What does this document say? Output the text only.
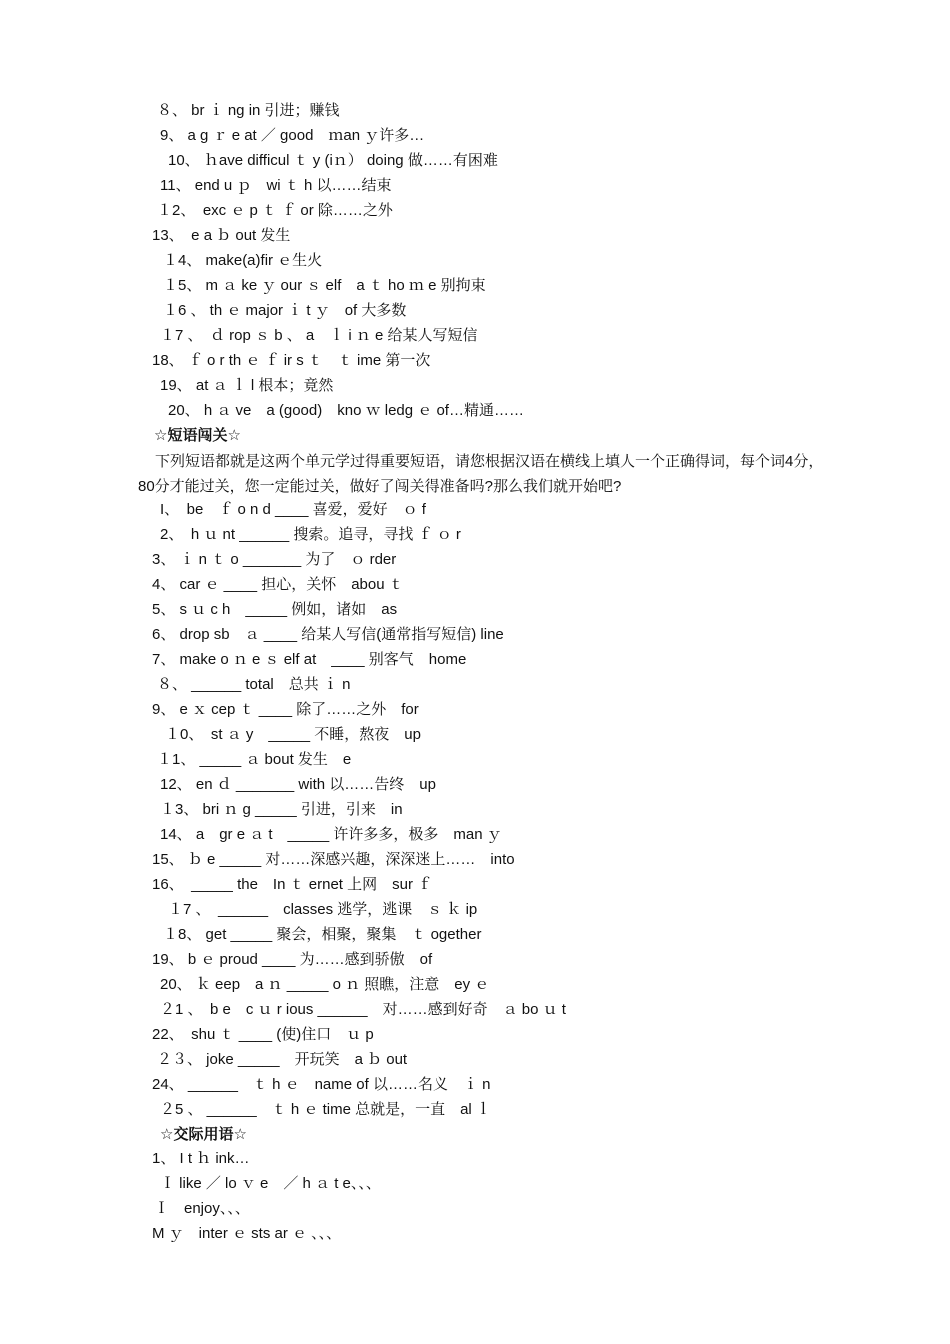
８、 br ｉ ng in 引进；赚钱
9、 a g ｒ e at ／ good　ｍan ｙ许多…
10、 ｈave difficul ｔ y (iｎ） doing 做……有困难
11、 end u ｐ　wi ｔ h 以……结束
１2、　exc ｅ p ｔ ｆ or 除……之外
13、　e a ｂ out 发生
１4、 make(a)fir ｅ生火
１5、 m ａ ke ｙ our ｓ elf　a ｔ ho ｍ e 别拘束
１6 、 th ｅ major ｉ t ｙ　of 大多数
１7 、　ｄ rop ｓ b 、 a　ｌ i ｎ e 给某人写短信
18、 ｆ o r th ｅ ｆ ir s ｔ　ｔ ime 第一次
19、 at ａ ｌ l 根本；竟然
20、 h ａ ve　a (good)　kno ｗ ledg ｅ of…精通……
☆短语闯关☆
下列短语都就是这两个单元学过得重要短语，请您根据汉语在横线上填人一个正确得词，每个词4分，80分才能过关，您一定能过关，做好了闯关得准备吗?那么我们就开始吧?
I、　be　ｆ o n d ____ 喜爱，爱好　ｏ f
2、　h ｕ nt ______ 搜索。追寻，寻找 ｆ ｏ r
3、 ｉ n ｔ o _______ 为了　ｏ rder
4、 car ｅ ____ 担心，关怀　abou ｔ
5、 s ｕ c h　_____ 例如，诸如　as
6、 drop sb　ａ ____ 给某人写信(通常指写短信) line
7、 make o ｎ e ｓ elf at　____ 别客气　home
８、 ______ total　总共 ｉ n
9、 e ｘ cep ｔ ____ 除了……之外　for
１0、　st ａ y　_____ 不睡，熬夜　up
１1、 _____ ａ bout 发生　e
12、 en ｄ _______ with 以……告终　up
１3、 bri ｎ g _____ 引进，引来　in
14、 a　gr e ａ t　_____ 许许多多，极多　man ｙ
15、 ｂ e _____ 对……深感兴趣，深深迷上……　into
16、　_____ the　In ｔ ernet 上网　sur ｆ
１7 、　______　classes 逃学，逃课　ｓ ｋ ip
１8、 get _____ 聚会，相聚，聚集　ｔ ogether
19、 b ｅ proud ____ 为……感到骄傲　of
20、 ｋ eep　a ｎ _____ o ｎ 照瞧，注意　ey ｅ
２1 、　b e　c ｕ r ious ______　对……感到好奇　ａ bo ｕ t
22、　shu ｔ ____ (使)住口　ｕ p
２３、 joke _____　开玩笑　a ｂ out
24、 ______　ｔ h ｅ　name of 以……名义　ｉ n
２5 、 ______　ｔ h ｅ time 总就是，一直　al ｌ
☆交际用语☆
1、 I t ｈ ink…
Ｉ like ／ lo ｖ e　／ h ａ t e、、、
Ｉ　enjoy、、、
M ｙ　inter ｅ sts ar ｅ 、、、
